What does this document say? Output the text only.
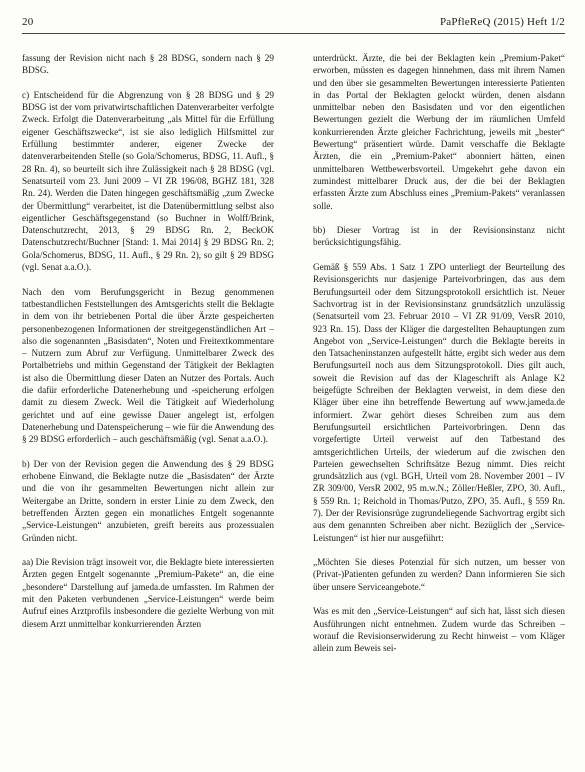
20	PaPfleReQ (2015) Heft 1/2

fassung der Revision nicht nach § 28 BDSG, sondern nach § 29 BDSG.

c) Entscheidend für die Abgrenzung von § 28 BDSG und § 29 BDSG ist der vom privatwirtschaftlichen Datenverarbeiter verfolgte Zweck. Erfolgt die Datenverarbeitung „als Mittel für die Erfüllung eigener Geschäftszwecke“, ist sie also lediglich Hilfsmittel zur Erfüllung bestimmter anderer, eigener Zwecke der datenverarbeitenden Stelle (so Gola/Schomerus, BDSG, 11. Aufl., § 28 Rn. 4), so beurteilt sich ihre Zulässigkeit nach § 28 BDSG (vgl. Senatsurteil vom 23. Juni 2009 – VI ZR 196/08, BGHZ 181, 328 Rn. 24). Werden die Daten hingegen geschäftsmäßig „zum Zwecke der Übermittlung“ verarbeitet, ist die Datenübermittlung selbst also eigentlicher Geschäftsgegenstand (so Buchner in Wolff/Brink, Datenschutzrecht, 2013, § 29 BDSG Rn. 2, BeckOK Datenschutzrecht/Buchner [Stand: 1. Mai 2014] § 29 BDSG Rn. 2; Gola/Schomerus, BDSG, 11. Aufl., § 29 Rn. 2), so gilt § 29 BDSG (vgl. Senat a.a.O.).

Nach den vom Berufungsgericht in Bezug genommenen tatbestandlichen Feststellungen des Amtsgerichts stellt die Beklagte in dem von ihr betriebenen Portal die über Ärzte gespeicherten personenbezogenen Informationen der streitgegenständlichen Art – also die sogenannten „Basisdaten“, Noten und Freitextkommentare – Nutzern zum Abruf zur Verfügung. Unmittelbarer Zweck des Portalbetriebs und mithin Gegenstand der Tätigkeit der Beklagten ist also die Übermittlung dieser Daten an Nutzer des Portals. Auch die dafür erforderliche Datenerhebung und -speicherung erfolgen damit zu diesem Zweck. Weil die Tätigkeit auf Wiederholung gerichtet und auf eine gewisse Dauer angelegt ist, erfolgen Datenerhebung und Datenspeicherung – wie für die Anwendung des § 29 BDSG erforderlich – auch geschäftsmäßig (vgl. Senat a.a.O.).

b) Der von der Revision gegen die Anwendung des § 29 BDSG erhobene Einwand, die Beklagte nutze die „Basisdaten“ der Ärzte und die von ihr gesammelten Bewertungen nicht allein zur Weitergabe an Dritte, sondern in erster Linie zu dem Zweck, den betreffenden Ärzten gegen ein monatliches Entgelt sogenannte „Service-Leistungen“ anzubieten, greift bereits aus prozessualen Gründen nicht.

aa) Die Revision trägt insoweit vor, die Beklagte biete interessierten Ärzten gegen Entgelt sogenannte „Premium-Pakete“ an, die eine „besondere“ Darstellung auf jameda.de umfassten. Im Rahmen der mit den Paketen verbundenen „Service-Leistungen“ werde beim Aufruf eines Arztprofils insbesondere die gezielte Werbung von mit diesem Arzt unmittelbar konkurrierenden Ärzten

unterdrückt. Ärzte, die bei der Beklagten kein „Premium-Paket“ erworben, müssten es dagegen hinnehmen, dass mit ihrem Namen und den über sie gesammelten Bewertungen interessierte Patienten in das Portal der Beklagten gelockt würden, denen alsdann unmittelbar neben den Basisdaten und vor den eigentlichen Bewertungen gezielt die Werbung der im räumlichen Umfeld konkurrierenden Ärzte gleicher Fachrichtung, jeweils mit „bester“ Bewertung“ präsentiert würde. Damit verschaffe die Beklagte Ärzten, die ein „Premium-Paket“ abonniert hätten, einen unmittelbaren Wettbewerbsvorteil. Umgekehrt gehe davon ein zumindest mittelbarer Druck aus, der die bei der Beklagten erfassten Ärzte zum Abschluss eines „Premium-Pakets“ veranlassen solle.

bb) Dieser Vortrag ist in der Revisionsinstanz nicht berücksichtigungsfähig.

Gemäß § 559 Abs. 1 Satz 1 ZPO unterliegt der Beurteilung des Revisionsgerichts nur dasjenige Parteivorbringen, das aus dem Berufungsurteil oder dem Sitzungsprotokoll ersichtlich ist. Neuer Sachvortrag ist in der Revisionsinstanz grundsätzlich unzulässig (Senatsurteil vom 23. Februar 2010 – VI ZR 91/09, VersR 2010, 923 Rn. 15). Dass der Kläger die dargestellten Behauptungen zum Angebot von „Service-Leistungen“ durch die Beklagte bereits in den Tatsacheninstanzen aufgestellt hätte, ergibt sich weder aus dem Berufungsurteil noch aus dem Sitzungsprotokoll. Dies gilt auch, soweit die Revision auf das der Klageschrift als Anlage K2 beigefügte Schreiben der Beklagten verweist, in dem diese den Kläger über eine ihn betreffende Bewertung auf www.jameda.de informiert. Zwar gehört dieses Schreiben zum aus dem Berufungsurteil ersichtlichen Parteivorbringen. Denn das vorgefertigte Urteil verweist auf den Tatbestand des amtsgerichtlichen Urteils, der wiederum auf die zwischen den Parteien gewechselten Schriftsätze Bezug nimmt. Dies reicht grundsätzlich aus (vgl. BGH, Urteil vom 28. November 2001 – IV ZR 309/00, VersR 2002, 95 m.w.N.; Zöller/Heßler, ZPO, 30. Aufl., § 559 Rn. 1; Reichold in Thomas/Putzo, ZPO, 35. Aufl., § 559 Rn. 7). Der der Revisionsrüge zugrundeliegende Sachvortrag ergibt sich aus dem genannten Schreiben aber nicht. Bezüglich der „Service-Leistungen“ ist hier nur ausgeführt:

„Möchten Sie dieses Potenzial für sich nutzen, um besser von (Privat-)Patienten gefunden zu werden? Dann informieren Sie sich über unsere Serviceangebote.“

Was es mit den „Service-Leistungen“ auf sich hat, lässt sich diesen Ausführungen nicht entnehmen. Zudem wurde das Schreiben – worauf die Revisionserwiderung zu Recht hinweist – vom Kläger allein zum Beweis sei-
